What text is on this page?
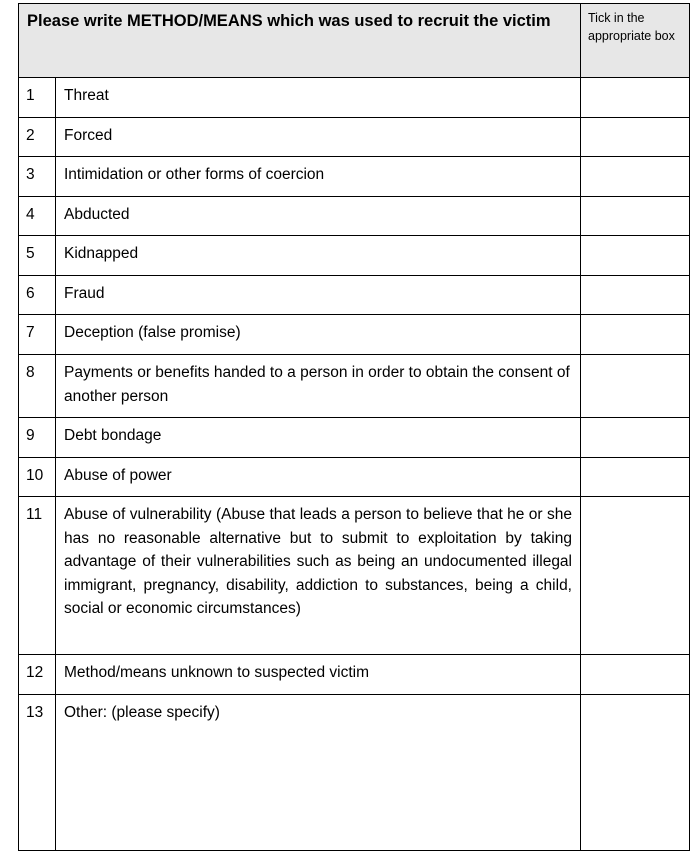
Please write METHOD/MEANS which was used to recruit the victim		Tick in the appropriate box
1	Threat	
2	Forced	
3	Intimidation or other forms of coercion	
4	Abducted	
5	Kidnapped	
6	Fraud	
7	Deception (false promise)	
8	Payments or benefits handed to a person in order to obtain the consent of another person	
9	Debt bondage	
10	Abuse of power	
11	Abuse of vulnerability (Abuse that leads a person to believe that he or she has no reasonable alternative but to submit to exploitation by taking advantage of their vulnerabilities such as being an undocumented illegal immigrant, pregnancy, disability, addiction to substances, being a child, social or economic circumstances)	
12	Method/means unknown to suspected victim	
13	Other: (please specify)	
